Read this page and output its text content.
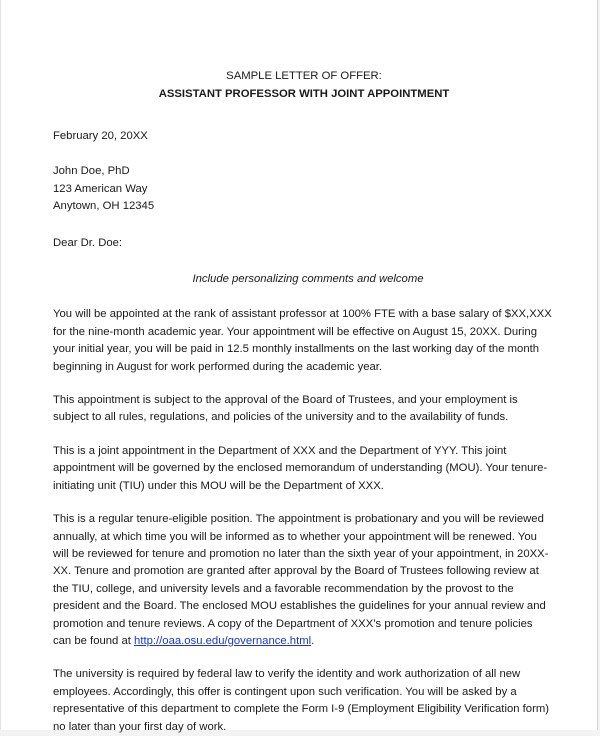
SAMPLE LETTER OF OFFER:
ASSISTANT PROFESSOR WITH JOINT APPOINTMENT
February 20, 20XX
John Doe, PhD
123 American Way
Anytown, OH 12345
Dear Dr. Doe:
Include personalizing comments and welcome

You will be appointed at the rank of assistant professor at 100% FTE with a base salary of $XX,XXX for the nine-month academic year. Your appointment will be effective on August 15, 20XX. During your initial year, you will be paid in 12.5 monthly installments on the last working day of the month beginning in August for work performed during the academic year.

This appointment is subject to the approval of the Board of Trustees, and your employment is subject to all rules, regulations, and policies of the university and to the availability of funds.

This is a joint appointment in the Department of XXX and the Department of YYY. This joint appointment will be governed by the enclosed memorandum of understanding (MOU). Your tenure-initiating unit (TIU) under this MOU will be the Department of XXX.

This is a regular tenure-eligible position. The appointment is probationary and you will be reviewed annually, at which time you will be informed as to whether your appointment will be renewed. You will be reviewed for tenure and promotion no later than the sixth year of your appointment, in 20XX-XX. Tenure and promotion are granted after approval by the Board of Trustees following review at the TIU, college, and university levels and a favorable recommendation by the provost to the president and the Board. The enclosed MOU establishes the guidelines for your annual review and promotion and tenure reviews. A copy of the Department of XXX’s promotion and tenure policies can be found at http://oaa.osu.edu/governance.html.

The university is required by federal law to verify the identity and work authorization of all new employees. Accordingly, this offer is contingent upon such verification. You will be asked by a representative of this department to complete the Form I-9 (Employment Eligibility Verification form) no later than your first day of work.
